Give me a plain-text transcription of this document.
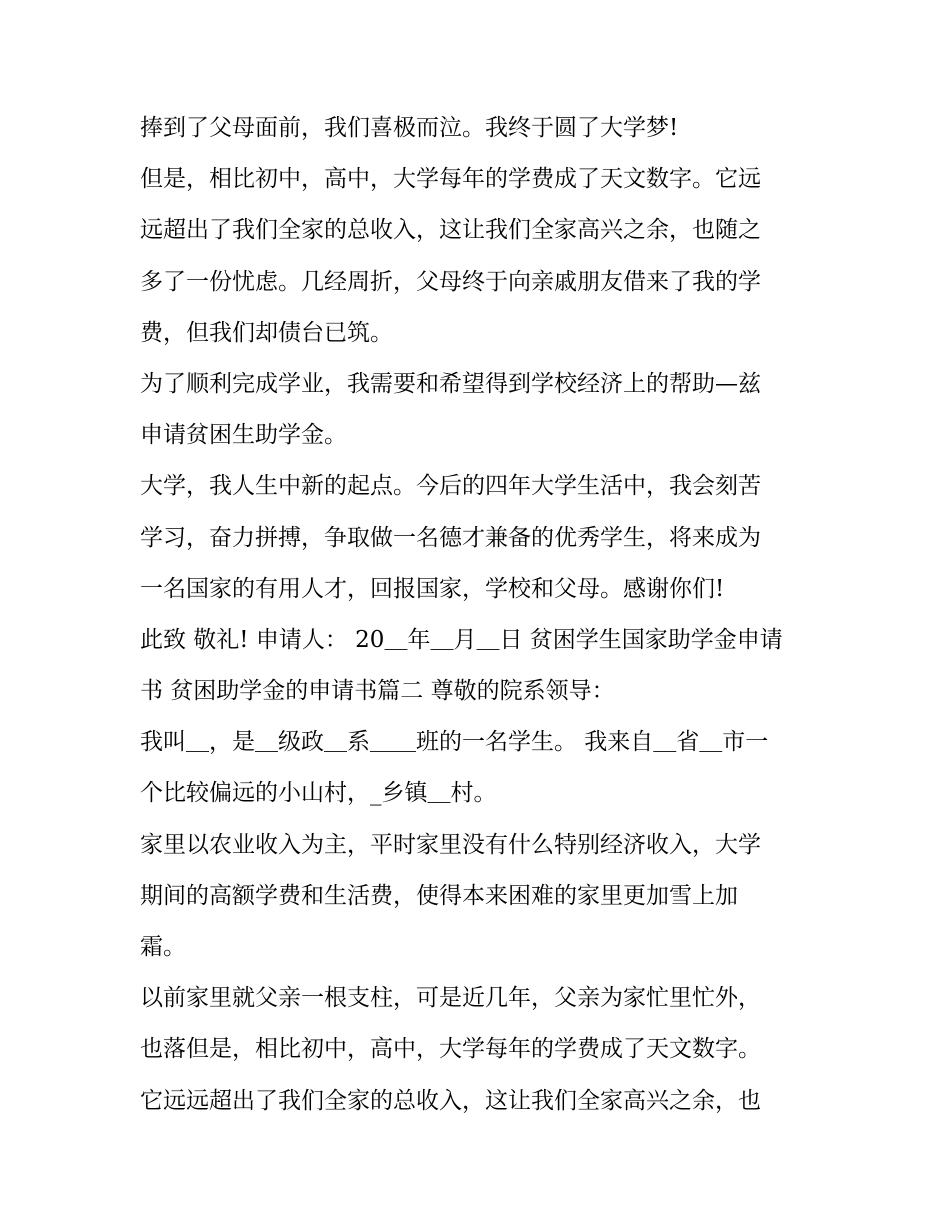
捧到了父母面前，我们喜极而泣。我终于圆了大学梦!
但是，相比初中，高中，大学每年的学费成了天文数字。它远
远超出了我们全家的总收入，这让我们全家高兴之余，也随之
多了一份忧虑。几经周折，父母终于向亲戚朋友借来了我的学
费，但我们却债台已筑。
为了顺利完成学业，我需要和希望得到学校经济上的帮助—兹
申请贫困生助学金。
大学，我人生中新的起点。今后的四年大学生活中，我会刻苦
学习，奋力拼搏，争取做一名德才兼备的优秀学生，将来成为
一名国家的有用人才，回报国家，学校和父母。感谢你们!
此致 敬礼! 申请人： 20＿年＿月＿日 贫困学生国家助学金申请
书 贫困助学金的申请书篇二 尊敬的院系领导：
我叫＿，是＿级政＿系＿＿班的一名学生。 我来自＿省＿市一
个比较偏远的小山村，_乡镇＿村。
家里以农业收入为主，平时家里没有什么特别经济收入，大学
期间的高额学费和生活费，使得本来困难的家里更加雪上加
霜。
以前家里就父亲一根支柱，可是近几年，父亲为家忙里忙外，
也落但是，相比初中，高中，大学每年的学费成了天文数字。
它远远超出了我们全家的总收入，这让我们全家高兴之余，也
